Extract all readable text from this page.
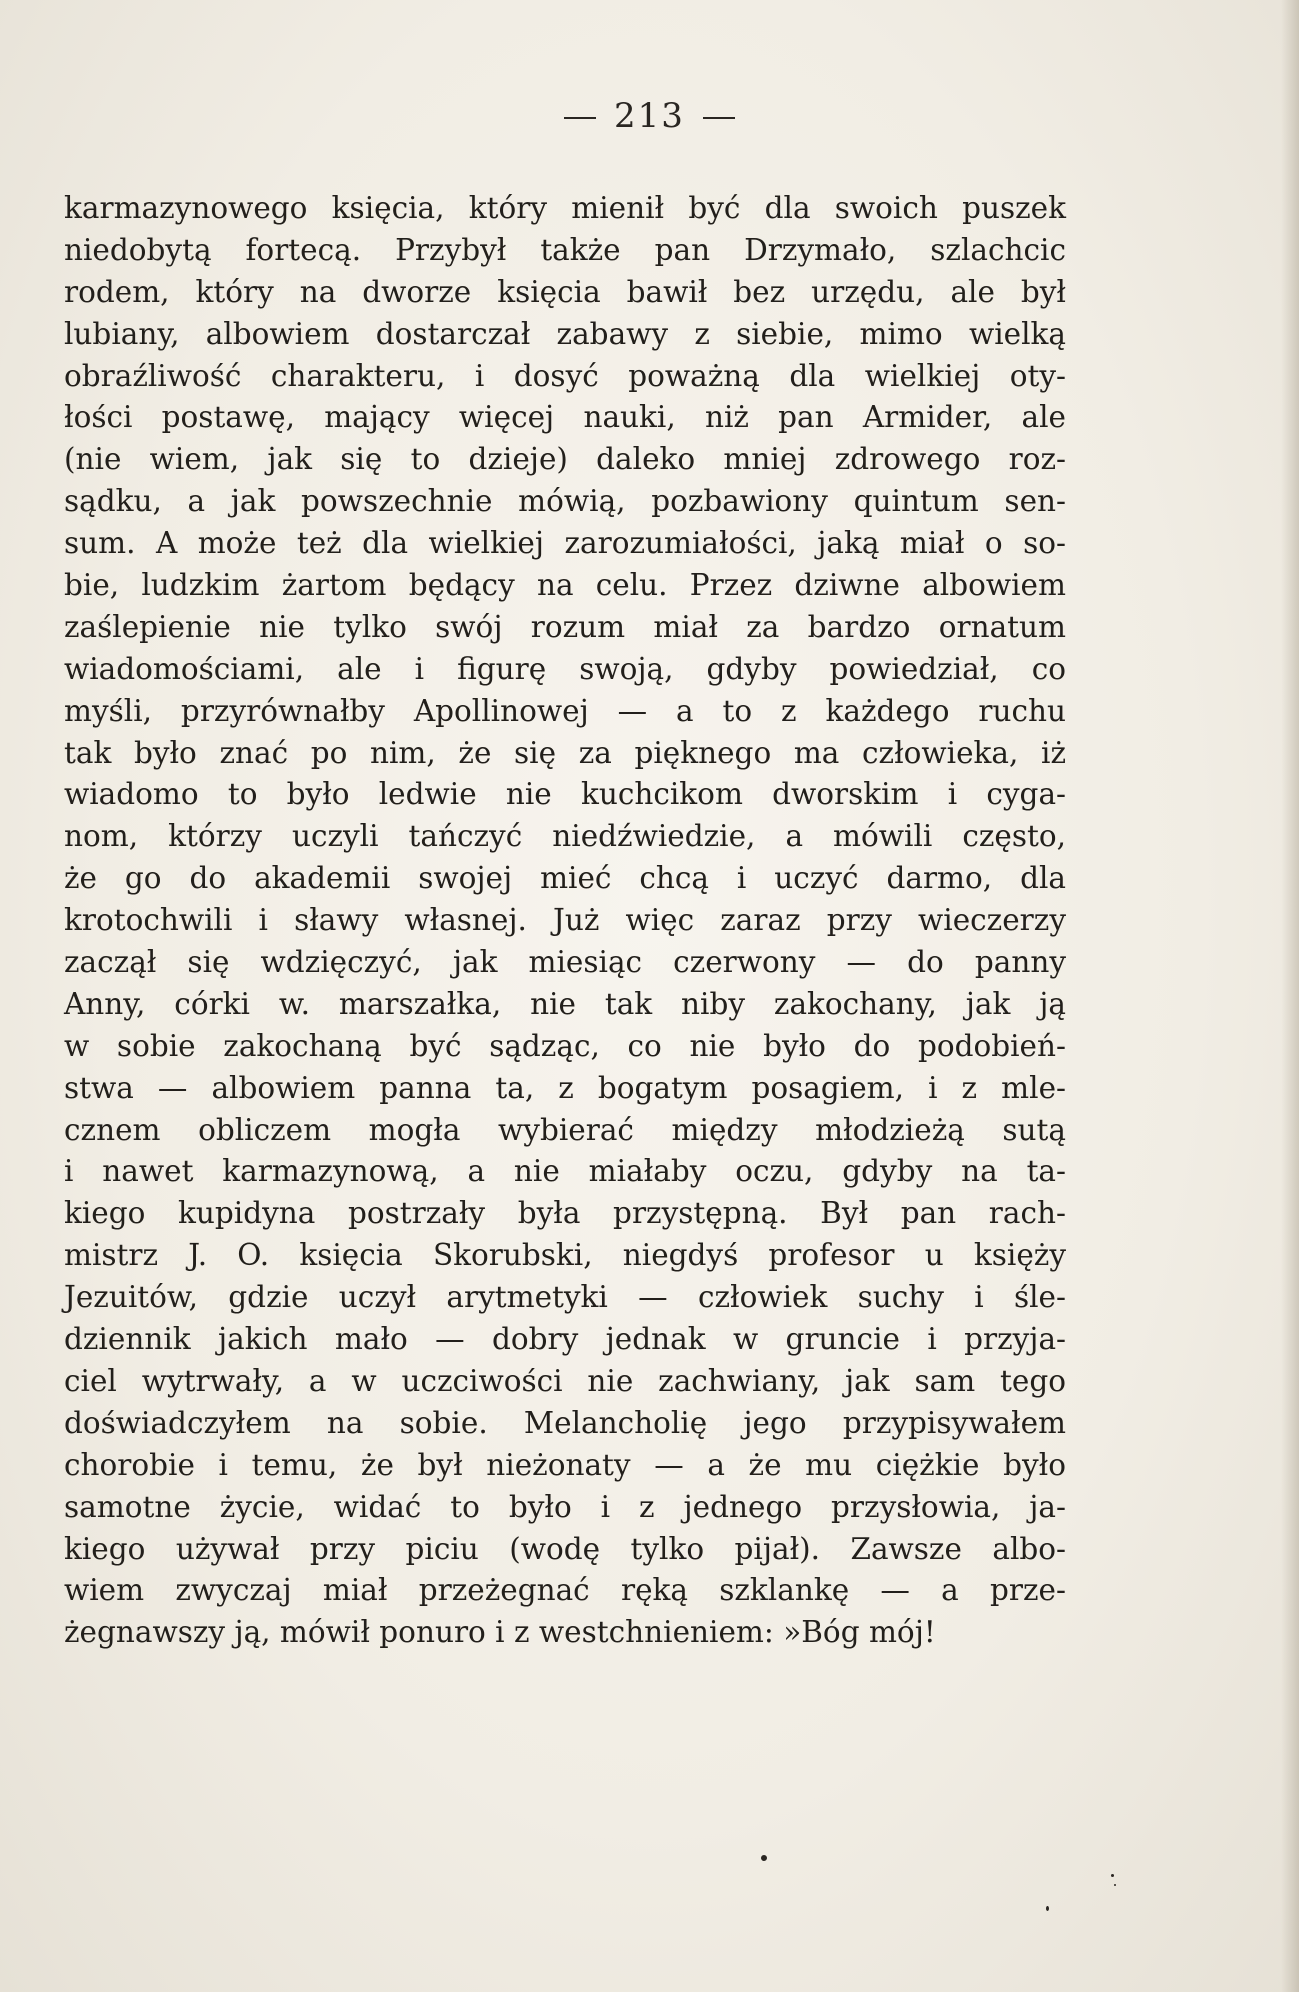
213
karmazynowego księcia, który mienił być dla swoich puszek
niedobytą fortecą. Przybył także pan Drzymało, szlachcic
rodem, który na dworze księcia bawił bez urzędu, ale był
lubiany, albowiem dostarczał zabawy z siebie, mimo wielką
obraźliwość charakteru, i dosyć poważną dla wielkiej oty-
łości postawę, mający więcej nauki, niż pan Armider, ale
(nie wiem, jak się to dzieje) daleko mniej zdrowego roz-
sądku, a jak powszechnie mówią, pozbawiony quintum sen-
sum. A może też dla wielkiej zarozumiałości, jaką miał o so-
bie, ludzkim żartom będący na celu. Przez dziwne albowiem
zaślepienie nie tylko swój rozum miał za bardzo ornatum
wiadomościami, ale i figurę swoją, gdyby powiedział, co
myśli, przyrównałby Apollinowej — a to z każdego ruchu
tak było znać po nim, że się za pięknego ma człowieka, iż
wiadomo to było ledwie nie kuchcikom dworskim i cyga-
nom, którzy uczyli tańczyć niedźwiedzie, a mówili często,
że go do akademii swojej mieć chcą i uczyć darmo, dla
krotochwili i sławy własnej. Już więc zaraz przy wieczerzy
zaczął się wdzięczyć, jak miesiąc czerwony — do panny
Anny, córki w. marszałka, nie tak niby zakochany, jak ją
w sobie zakochaną być sądząc, co nie było do podobień-
stwa — albowiem panna ta, z bogatym posagiem, i z mle-
cznem obliczem mogła wybierać między młodzieżą sutą
i nawet karmazynową, a nie miałaby oczu, gdyby na ta-
kiego kupidyna postrzały była przystępną. Był pan rach-
mistrz J. O. księcia Skorubski, niegdyś profesor u księży
Jezuitów, gdzie uczył arytmetyki — człowiek suchy i śle-
dziennik jakich mało — dobry jednak w gruncie i przyja-
ciel wytrwały, a w uczciwości nie zachwiany, jak sam tego
doświadczyłem na sobie. Melancholię jego przypisywałem
chorobie i temu, że był nieżonaty — a że mu ciężkie było
samotne życie, widać to było i z jednego przysłowia, ja-
kiego używał przy piciu (wodę tylko pijał). Zawsze albo-
wiem zwyczaj miał przeżegnać ręką szklankę — a prze-
żegnawszy ją, mówił ponuro i z westchnieniem: »Bóg mój!
